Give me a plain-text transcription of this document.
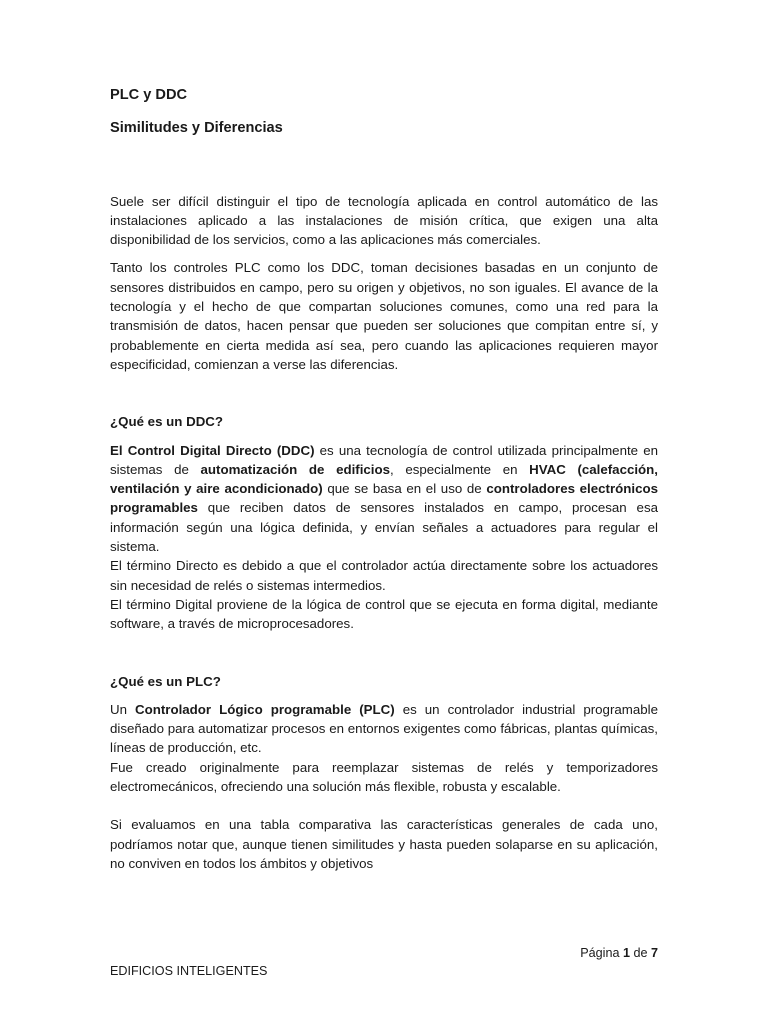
PLC y DDC
Similitudes y Diferencias

Suele ser difícil distinguir el tipo de tecnología aplicada en control automático de las instalaciones aplicado a las instalaciones de misión crítica, que exigen una alta disponibilidad de los servicios, como a las aplicaciones más comerciales.

Tanto los controles PLC como los DDC, toman decisiones basadas en un conjunto de sensores distribuidos en campo, pero su origen y objetivos, no son iguales. El avance de la tecnología y el hecho de que compartan soluciones comunes, como una red para la transmisión de datos, hacen pensar que pueden ser soluciones que compitan entre sí, y probablemente en cierta medida así sea, pero cuando las aplicaciones requieren mayor especificidad, comienzan a verse las diferencias.

¿Qué es un DDC?

El Control Digital Directo (DDC) es una tecnología de control utilizada principalmente en sistemas de automatización de edificios, especialmente en HVAC (calefacción, ventilación y aire acondicionado) que se basa en el uso de controladores electrónicos programables que reciben datos de sensores instalados en campo, procesan esa información según una lógica definida, y envían señales a actuadores para regular el sistema.

El término Directo es debido a que el controlador actúa directamente sobre los actuadores sin necesidad de relés o sistemas intermedios.

El término Digital proviene de la lógica de control que se ejecuta en forma digital, mediante software, a través de microprocesadores.

¿Qué es un PLC?

Un Controlador Lógico programable (PLC) es un controlador industrial programable diseñado para automatizar procesos en entornos exigentes como fábricas, plantas químicas, líneas de producción, etc.

Fue creado originalmente para reemplazar sistemas de relés y temporizadores electromecánicos, ofreciendo una solución más flexible, robusta y escalable.

Si evaluamos en una tabla comparativa las características generales de cada uno, podríamos notar que, aunque tienen similitudes y hasta pueden solaparse en su aplicación, no conviven en todos los ámbitos y objetivos

Página 1 de 7
EDIFICIOS INTELIGENTES
